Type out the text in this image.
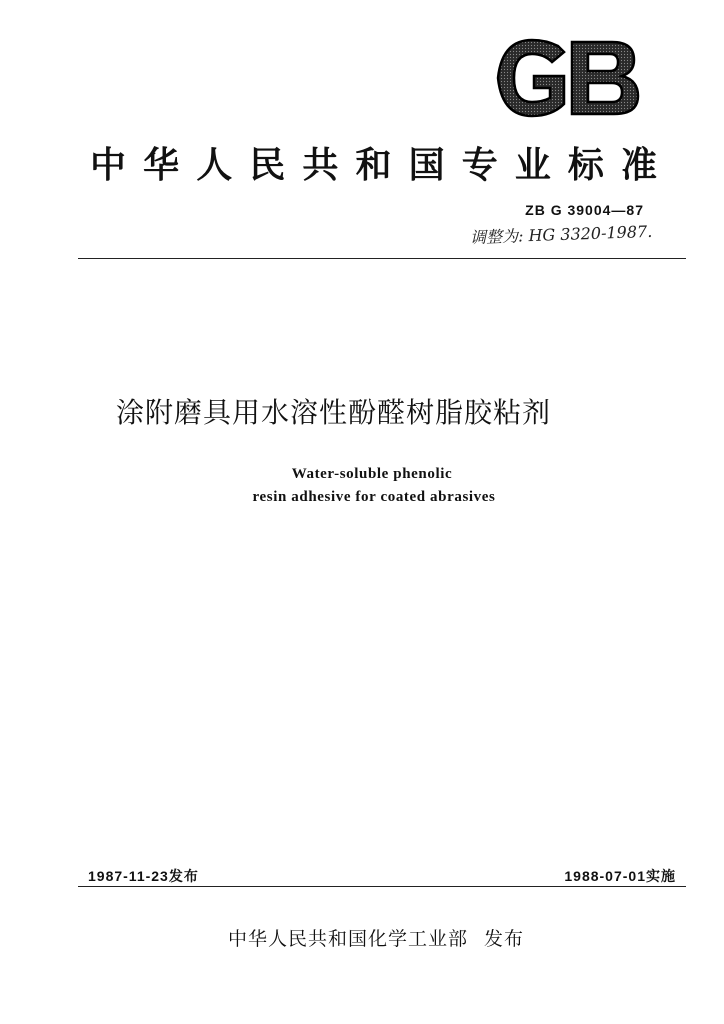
GB
中华人民共和国专业标准
ZB G 39004—87
调整为: HG 3320-1987.
涂附磨具用水溶性酚醛树脂胶粘剂
Water-soluble phenolic
resin adhesive for coated abrasives
1987-11-23发布	1988-07-01实施
中华人民共和国化学工业部 发布
